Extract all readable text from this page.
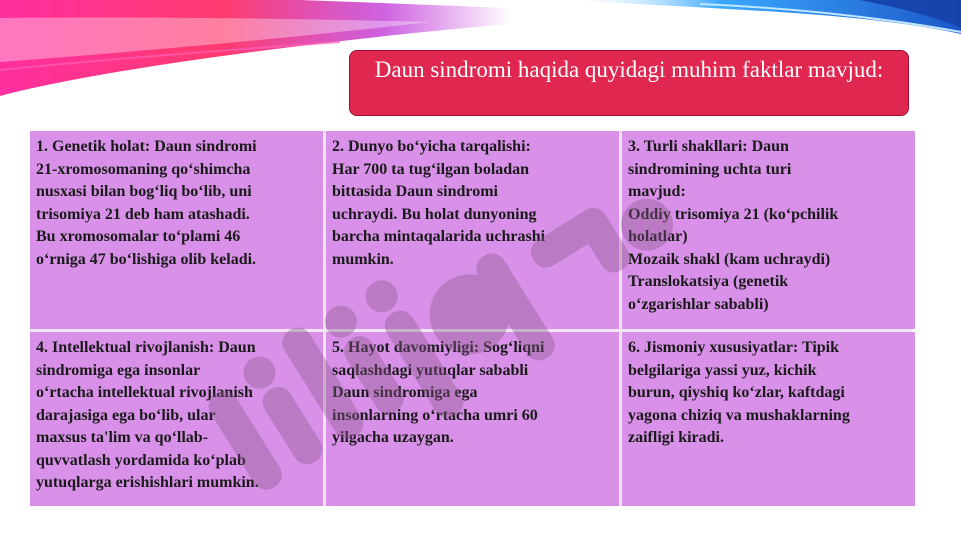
Daun sindromi haqida quyidagi muhim faktlar mavjud:
1. Genetik holat: Daun sindromi
21-xromosomaning qo‘shimcha
nusxasi bilan bog‘liq bo‘lib, uni
trisomiya 21 deb ham atashadi.
Bu xromosomalar to‘plami 46
o‘rniga 47 bo‘lishiga olib keladi.
2. Dunyo bo‘yicha tarqalishi:
Har 700 ta tug‘ilgan boladan
bittasida Daun sindromi
uchraydi. Bu holat dunyoning
barcha mintaqalarida uchrashi
mumkin.
3. Turli shakllari: Daun
sindromining uchta turi
mavjud:
Oddiy trisomiya 21 (ko‘pchilik
holatlar)
Mozaik shakl (kam uchraydi)
Translokatsiya (genetik
o‘zgarishlar sababli)
4. Intellektual rivojlanish: Daun
sindromiga ega insonlar
o‘rtacha intellektual rivojlanish
darajasiga ega bo‘lib, ular
maxsus ta'lim va qo‘llab-
quvvatlash yordamida ko‘plab
yutuqlarga erishishlari mumkin.
5. Hayot davomiyligi: Sog‘liqni
saqlashdagi yutuqlar sababli
Daun sindromiga ega
insonlarning o‘rtacha umri 60
yilgacha uzaygan.
6. Jismoniy xususiyatlar: Tipik
belgilariga yassi yuz, kichik
burun, qiyshiq ko‘zlar, kaftdagi
yagona chiziq va mushaklarning
zaifligi kiradi.
